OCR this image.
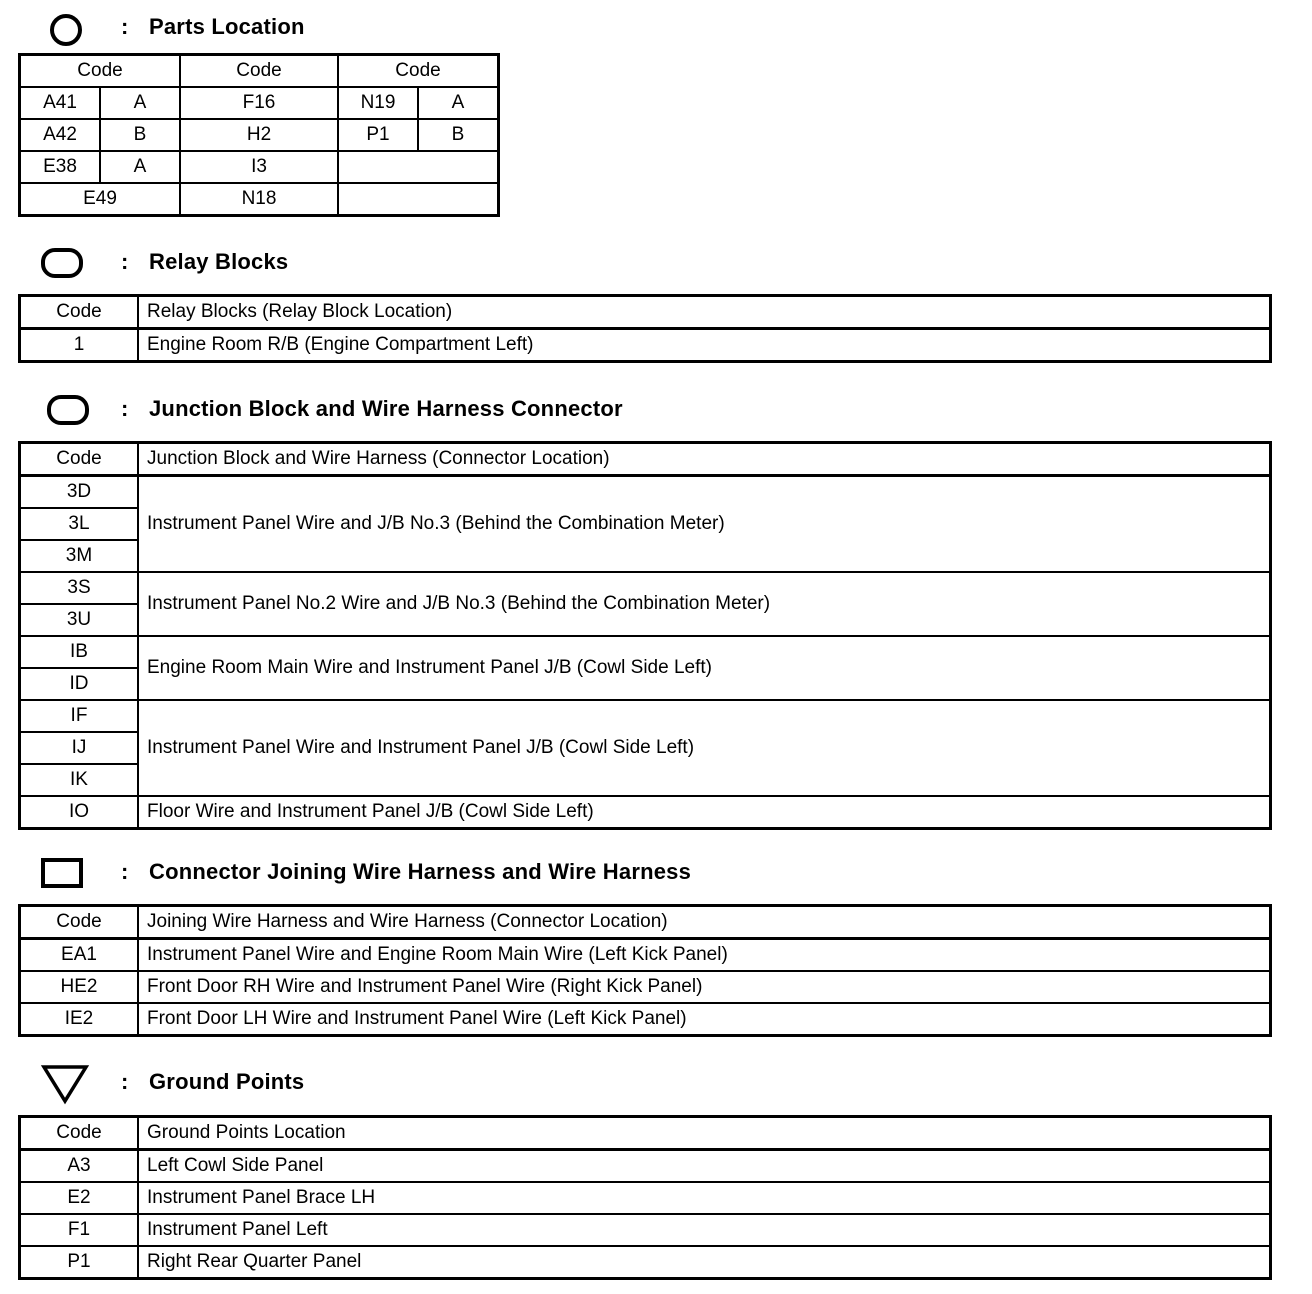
: Parts Location
Code		Code	Code	
A41	A	F16	N19	A
A42	B	H2	P1	B
E38	A	I3		
E49		N18		
: Relay Blocks
Code	Relay Blocks (Relay Block Location)
1	Engine Room R/B (Engine Compartment Left)
: Junction Block and Wire Harness Connector
Code	Junction Block and Wire Harness (Connector Location)
3D	Instrument Panel Wire and J/B No.3 (Behind the Combination Meter)
3L	
3M	
3S	Instrument Panel No.2 Wire and J/B No.3 (Behind the Combination Meter)
3U	
IB	Engine Room Main Wire and Instrument Panel J/B (Cowl Side Left)
ID	
IF	Instrument Panel Wire and Instrument Panel J/B (Cowl Side Left)
IJ	
IK	
IO	Floor Wire and Instrument Panel J/B (Cowl Side Left)
: Connector Joining Wire Harness and Wire Harness
Code	Joining Wire Harness and Wire Harness (Connector Location)
EA1	Instrument Panel Wire and Engine Room Main Wire (Left Kick Panel)
HE2	Front Door RH Wire and Instrument Panel Wire (Right Kick Panel)
IE2	Front Door LH Wire and Instrument Panel Wire (Left Kick Panel)
: Ground Points
Code	Ground Points Location
A3	Left Cowl Side Panel
E2	Instrument Panel Brace LH
F1	Instrument Panel Left
P1	Right Rear Quarter Panel
